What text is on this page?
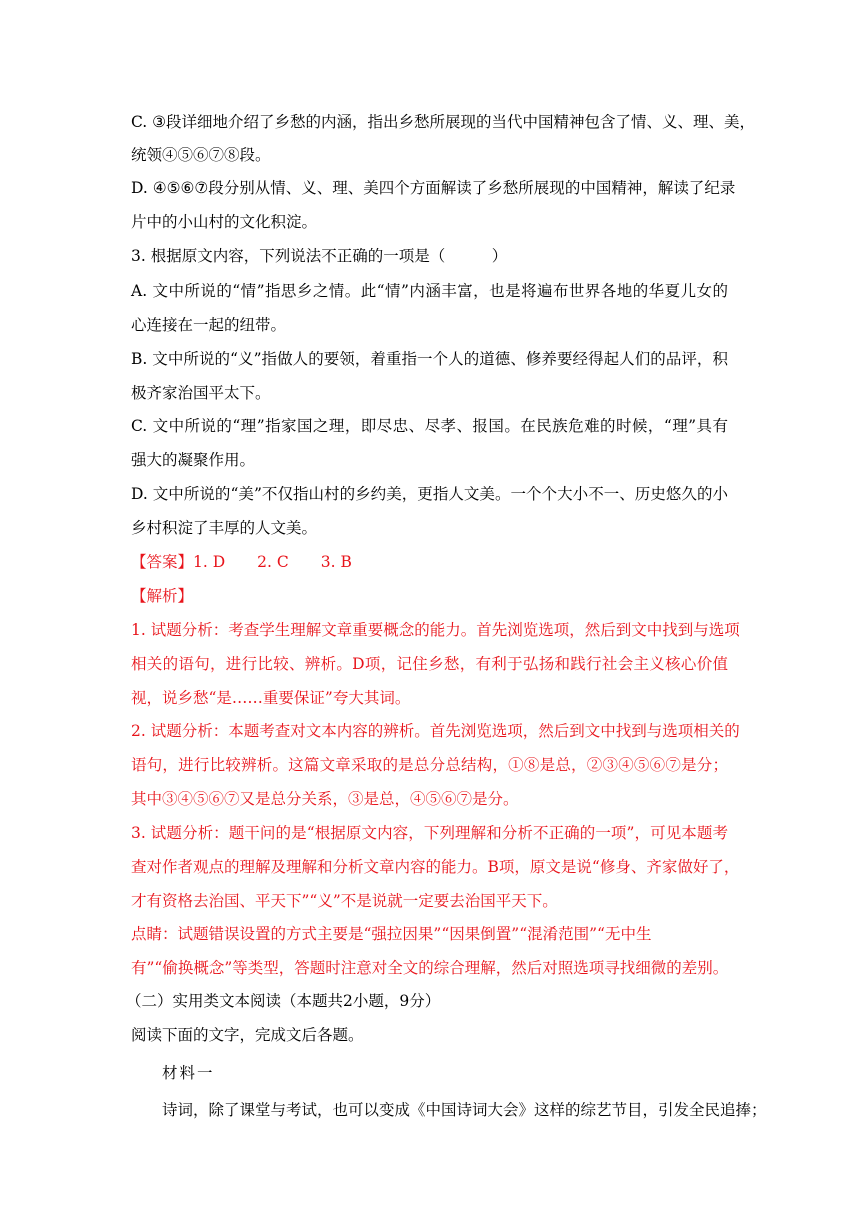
C. ③段详细地介绍了乡愁的内涵，指出乡愁所展现的当代中国精神包含了情、义、理、美，
统领④⑤⑥⑦⑧段。
D. ④⑤⑥⑦段分别从情、义、理、美四个方面解读了乡愁所展现的中国精神，解读了纪录
片中的小山村的文化积淀。
3. 根据原文内容，下列说法不正确的一项是（　　　）
A. 文中所说的“情”指思乡之情。此“情”内涵丰富，也是将遍布世界各地的华夏儿女的
心连接在一起的纽带。
B. 文中所说的“义”指做人的要领，着重指一个人的道德、修养要经得起人们的品评，积
极齐家治国平太下。
C. 文中所说的“理”指家国之理，即尽忠、尽孝、报国。在民族危难的时候，“理”具有
强大的凝聚作用。
D. 文中所说的“美”不仅指山村的乡约美，更指人文美。一个个大小不一、历史悠久的小
乡村积淀了丰厚的人文美。
【答案】1. D 2. C 3. B
【解析】
1. 试题分析：考查学生理解文章重要概念的能力。首先浏览选项，然后到文中找到与选项
相关的语句，进行比较、辨析。D项，记住乡愁，有利于弘扬和践行社会主义核心价值
视，说乡愁“是……重要保证”夸大其词。
2. 试题分析：本题考查对文本内容的辨析。首先浏览选项，然后到文中找到与选项相关的
语句，进行比较辨析。这篇文章采取的是总分总结构，①⑧是总，②③④⑤⑥⑦是分；
其中③④⑤⑥⑦又是总分关系，③是总，④⑤⑥⑦是分。
3. 试题分析：题干问的是“根据原文内容，下列理解和分析不正确的一项”，可见本题考
查对作者观点的理解及理解和分析文章内容的能力。B项，原文是说“修身、齐家做好了，
才有资格去治国、平天下”“义”不是说就一定要去治国平天下。
点睛：试题错误设置的方式主要是“强拉因果”“因果倒置”“混淆范围”“无中生
有”“偷换概念”等类型，答题时注意对全文的综合理解，然后对照选项寻找细微的差别。
（二）实用类文本阅读（本题共2小题，9分）
阅读下面的文字，完成文后各题。
材料一
诗词，除了课堂与考试，也可以变成《中国诗词大会》这样的综艺节目，引发全民追捧；
